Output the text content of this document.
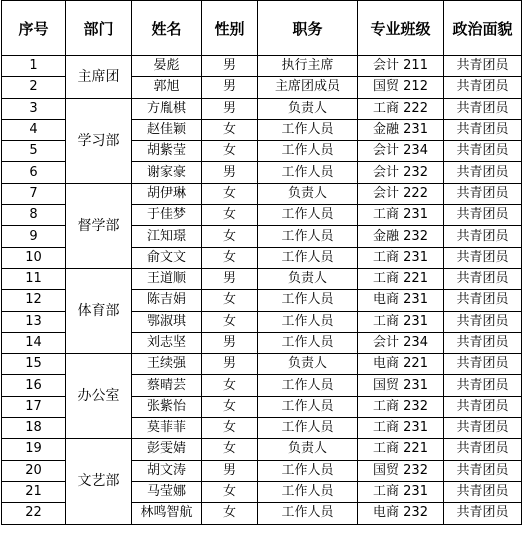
序号	部门	姓名	性别	职务	专业班级	政治面貌
1	主席团	晏彪	男	执行主席	会计 211	共青团员
2		郭旭	男	主席团成员	国贸 212	共青团员
3	学习部	方胤棋	男	负责人	工商 222	共青团员
4		赵佳颖	女	工作人员	金融 231	共青团员
5		胡紫莹	女	工作人员	会计 234	共青团员
6		谢家豪	男	工作人员	会计 232	共青团员
7	督学部	胡伊琳	女	负责人	会计 222	共青团员
8		于佳梦	女	工作人员	工商 231	共青团员
9		江知璟	女	工作人员	金融 232	共青团员
10		俞文文	女	工作人员	工商 231	共青团员
11	体育部	王道顺	男	负责人	工商 221	共青团员
12		陈吉娟	女	工作人员	电商 231	共青团员
13		鄂淑琪	女	工作人员	工商 231	共青团员
14		刘志坚	男	工作人员	会计 234	共青团员
15	办公室	王续强	男	负责人	电商 221	共青团员
16		蔡晴芸	女	工作人员	国贸 231	共青团员
17		张紫怡	女	工作人员	工商 232	共青团员
18		莫菲菲	女	工作人员	工商 231	共青团员
19	文艺部	彭雯婧	女	负责人	工商 221	共青团员
20		胡文涛	男	工作人员	国贸 232	共青团员
21		马莹娜	女	工作人员	工商 231	共青团员
22		林鸣智航	女	工作人员	电商 232	共青团员
